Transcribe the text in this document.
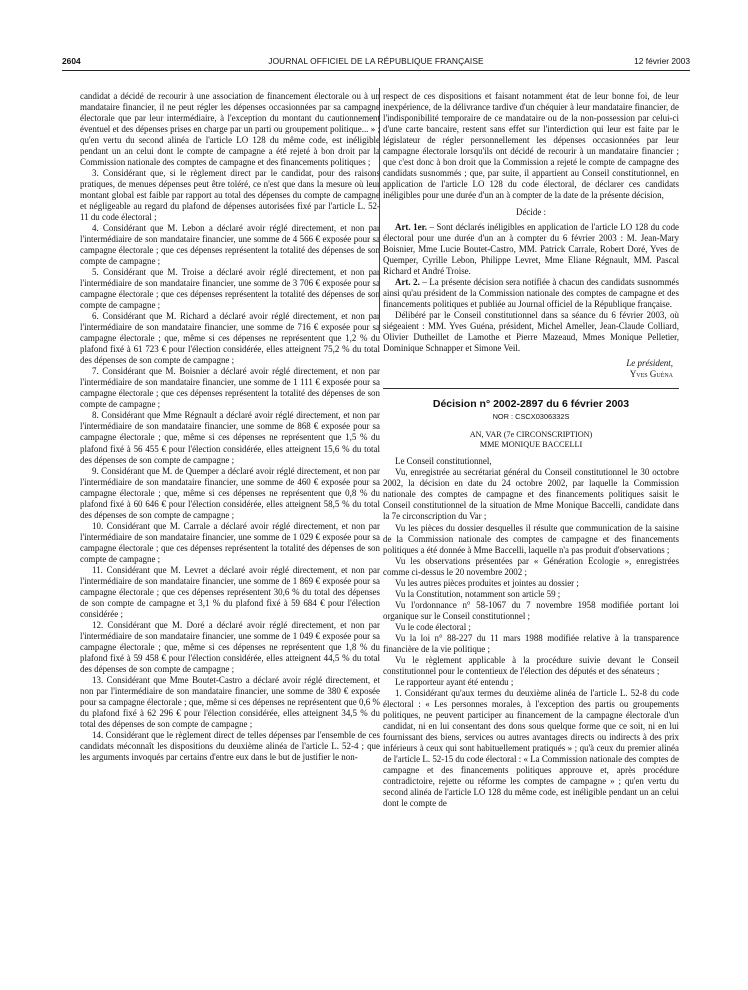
2604	JOURNAL OFFICIEL DE LA RÉPUBLIQUE FRANÇAISE	12 février 2003

candidat a décidé de recourir à une association de financement électorale ou à un mandataire financier, il ne peut régler les dépenses occasionnées par sa campagne électorale que par leur intermédiaire, à l'exception du montant du cautionnement éventuel et des dépenses prises en charge par un parti ou groupement politique... » ; qu'en vertu du second alinéa de l'article LO 128 du même code, est inéligible pendant un an celui dont le compte de campagne a été rejeté à bon droit par la Commission nationale des comptes de campagne et des financements politiques ;

3. Considérant que, si le règlement direct par le candidat, pour des raisons pratiques, de menues dépenses peut être toléré, ce n'est que dans la mesure où leur montant global est faible par rapport au total des dépenses du compte de campagne et négligeable au regard du plafond de dépenses autorisées fixé par l'article L. 52-11 du code électoral ;

4. Considérant que M. Lebon a déclaré avoir réglé directement, et non par l'intermédiaire de son mandataire financier, une somme de 4 566 € exposée pour sa campagne électorale ; que ces dépenses représentent la totalité des dépenses de son compte de campagne ;

5. Considérant que M. Troise a déclaré avoir réglé directement, et non par l'intermédiaire de son mandataire financier, une somme de 3 706 € exposée pour sa campagne électorale ; que ces dépenses représentent la totalité des dépenses de son compte de campagne ;

6. Considérant que M. Richard a déclaré avoir réglé directement, et non par l'intermédiaire de son mandataire financier, une somme de 716 € exposée pour sa campagne électorale ; que, même si ces dépenses ne représentent que 1,2 % du plafond fixé à 61 723 € pour l'élection considérée, elles atteignent 75,2 % du total des dépenses de son compte de campagne ;

7. Considérant que M. Boisnier a déclaré avoir réglé directement, et non par l'intermédiaire de son mandataire financier, une somme de 1 111 € exposée pour sa campagne électorale ; que ces dépenses représentent la totalité des dépenses de son compte de campagne ;

8. Considérant que Mme Régnault a déclaré avoir réglé directement, et non par l'intermédiaire de son mandataire financier, une somme de 868 € exposée pour sa campagne électorale ; que, même si ces dépenses ne représentent que 1,5 % du plafond fixé à 56 455 € pour l'élection considérée, elles atteignent 15,6 % du total des dépenses de son compte de campagne ;

9. Considérant que M. de Quemper a déclaré avoir réglé directement, et non par l'intermédiaire de son mandataire financier, une somme de 460 € exposée pour sa campagne électorale ; que, même si ces dépenses ne représentent que 0,8 % du plafond fixé à 60 646 € pour l'élection considérée, elles atteignent 58,5 % du total des dépenses de son compte de campagne ;

10. Considérant que M. Carrale a déclaré avoir réglé directement, et non par l'intermédiaire de son mandataire financier, une somme de 1 029 € exposée pour sa campagne électorale ; que ces dépenses représentent la totalité des dépenses de son compte de campagne ;

11. Considérant que M. Levret a déclaré avoir réglé directement, et non par l'intermédiaire de son mandataire financier, une somme de 1 869 € exposée pour sa campagne électorale ; que ces dépenses représentent 30,6 % du total des dépenses de son compte de campagne et 3,1 % du plafond fixé à 59 684 € pour l'élection considérée ;

12. Considérant que M. Doré a déclaré avoir réglé directement, et non par l'intermédiaire de son mandataire financier, une somme de 1 049 € exposée pour sa campagne électorale ; que, même si ces dépenses ne représentent que 1,8 % du plafond fixé à 59 458 € pour l'élection considérée, elles atteignent 44,5 % du total des dépenses de son compte de campagne ;

13. Considérant que Mme Boutet-Castro a déclaré avoir réglé directement, et non par l'intermédiaire de son mandataire financier, une somme de 380 € exposée pour sa campagne électorale ; que, même si ces dépenses ne représentent que 0,6 % du plafond fixé à 62 296 € pour l'élection considérée, elles atteignent 34,5 % du total des dépenses de son compte de campagne ;

14. Considérant que le règlement direct de telles dépenses par l'ensemble de ces candidats méconnaît les dispositions du deuxième alinéa de l'article L. 52-4 ; que les arguments invoqués par certains d'entre eux dans le but de justifier le non-

respect de ces dispositions et faisant notamment état de leur bonne foi, de leur inexpérience, de la délivrance tardive d'un chéquier à leur mandataire financier, de l'indisponibilité temporaire de ce mandataire ou de la non-possession par celui-ci d'une carte bancaire, restent sans effet sur l'interdiction qui leur est faite par le législateur de régler personnellement les dépenses occasionnées par leur campagne électorale lorsqu'ils ont décidé de recourir à un mandataire financier ; que c'est donc à bon droit que la Commission a rejeté le compte de campagne des candidats susnommés ; que, par suite, il appartient au Conseil constitutionnel, en application de l'article LO 128 du code électoral, de déclarer ces candidats inéligibles pour une durée d'un an à compter de la date de la présente décision,

Décide :

Art. 1er. – Sont déclarés inéligibles en application de l'article LO 128 du code électoral pour une durée d'un an à compter du 6 février 2003 : M. Jean-Mary Boisnier, Mme Lucie Boutet-Castro, MM. Patrick Carrale, Robert Doré, Yves de Quemper, Cyrille Lebon, Philippe Levret, Mme Eliane Régnault, MM. Pascal Richard et André Troise.

Art. 2. – La présente décision sera notifiée à chacun des candidats susnommés ainsi qu'au président de la Commission nationale des comptes de campagne et des financements politiques et publiée au Journal officiel de la République française.

Délibéré par le Conseil constitutionnel dans sa séance du 6 février 2003, où siégeaient : MM. Yves Guéna, président, Michel Ameller, Jean-Claude Colliard, Olivier Dutheillet de Lamothe et Pierre Mazeaud, Mmes Monique Pelletier, Dominique Schnapper et Simone Veil.

Le président,

Yves Guéna

Décision n° 2002-2897 du 6 février 2003

NOR : CSCX0306332S

AN, VAR (7e CIRCONSCRIPTION)

MME MONIQUE BACCELLI

Le Conseil constitutionnel,

Vu, enregistrée au secrétariat général du Conseil constitutionnel le 30 octobre 2002, la décision en date du 24 octobre 2002, par laquelle la Commission nationale des comptes de campagne et des financements politiques saisit le Conseil constitutionnel de la situation de Mme Monique Baccelli, candidate dans la 7e circonscription du Var ;

Vu les pièces du dossier desquelles il résulte que communication de la saisine de la Commission nationale des comptes de campagne et des financements politiques a été donnée à Mme Baccelli, laquelle n'a pas produit d'observations ;

Vu les observations présentées par « Génération Ecologie », enregistrées comme ci-dessus le 20 novembre 2002 ;

Vu les autres pièces produites et jointes au dossier ;

Vu la Constitution, notamment son article 59 ;

Vu l'ordonnance n° 58-1067 du 7 novembre 1958 modifiée portant loi organique sur le Conseil constitutionnel ;

Vu le code électoral ;

Vu la loi n° 88-227 du 11 mars 1988 modifiée relative à la transparence financière de la vie politique ;

Vu le règlement applicable à la procédure suivie devant le Conseil constitutionnel pour le contentieux de l'élection des députés et des sénateurs ;

Le rapporteur ayant été entendu ;

1. Considérant qu'aux termes du deuxième alinéa de l'article L. 52-8 du code électoral : « Les personnes morales, à l'exception des partis ou groupements politiques, ne peuvent participer au financement de la campagne électorale d'un candidat, ni en lui consentant des dons sous quelque forme que ce soit, ni en lui fournissant des biens, services ou autres avantages directs ou indirects à des prix inférieurs à ceux qui sont habituellement pratiqués » ; qu'à ceux du premier alinéa de l'article L. 52-15 du code électoral : « La Commission nationale des comptes de campagne et des financements politiques approuve et, après procédure contradictoire, rejette ou réforme les comptes de campagne » ; qu'en vertu du second alinéa de l'article LO 128 du même code, est inéligible pendant un an celui dont le compte de
